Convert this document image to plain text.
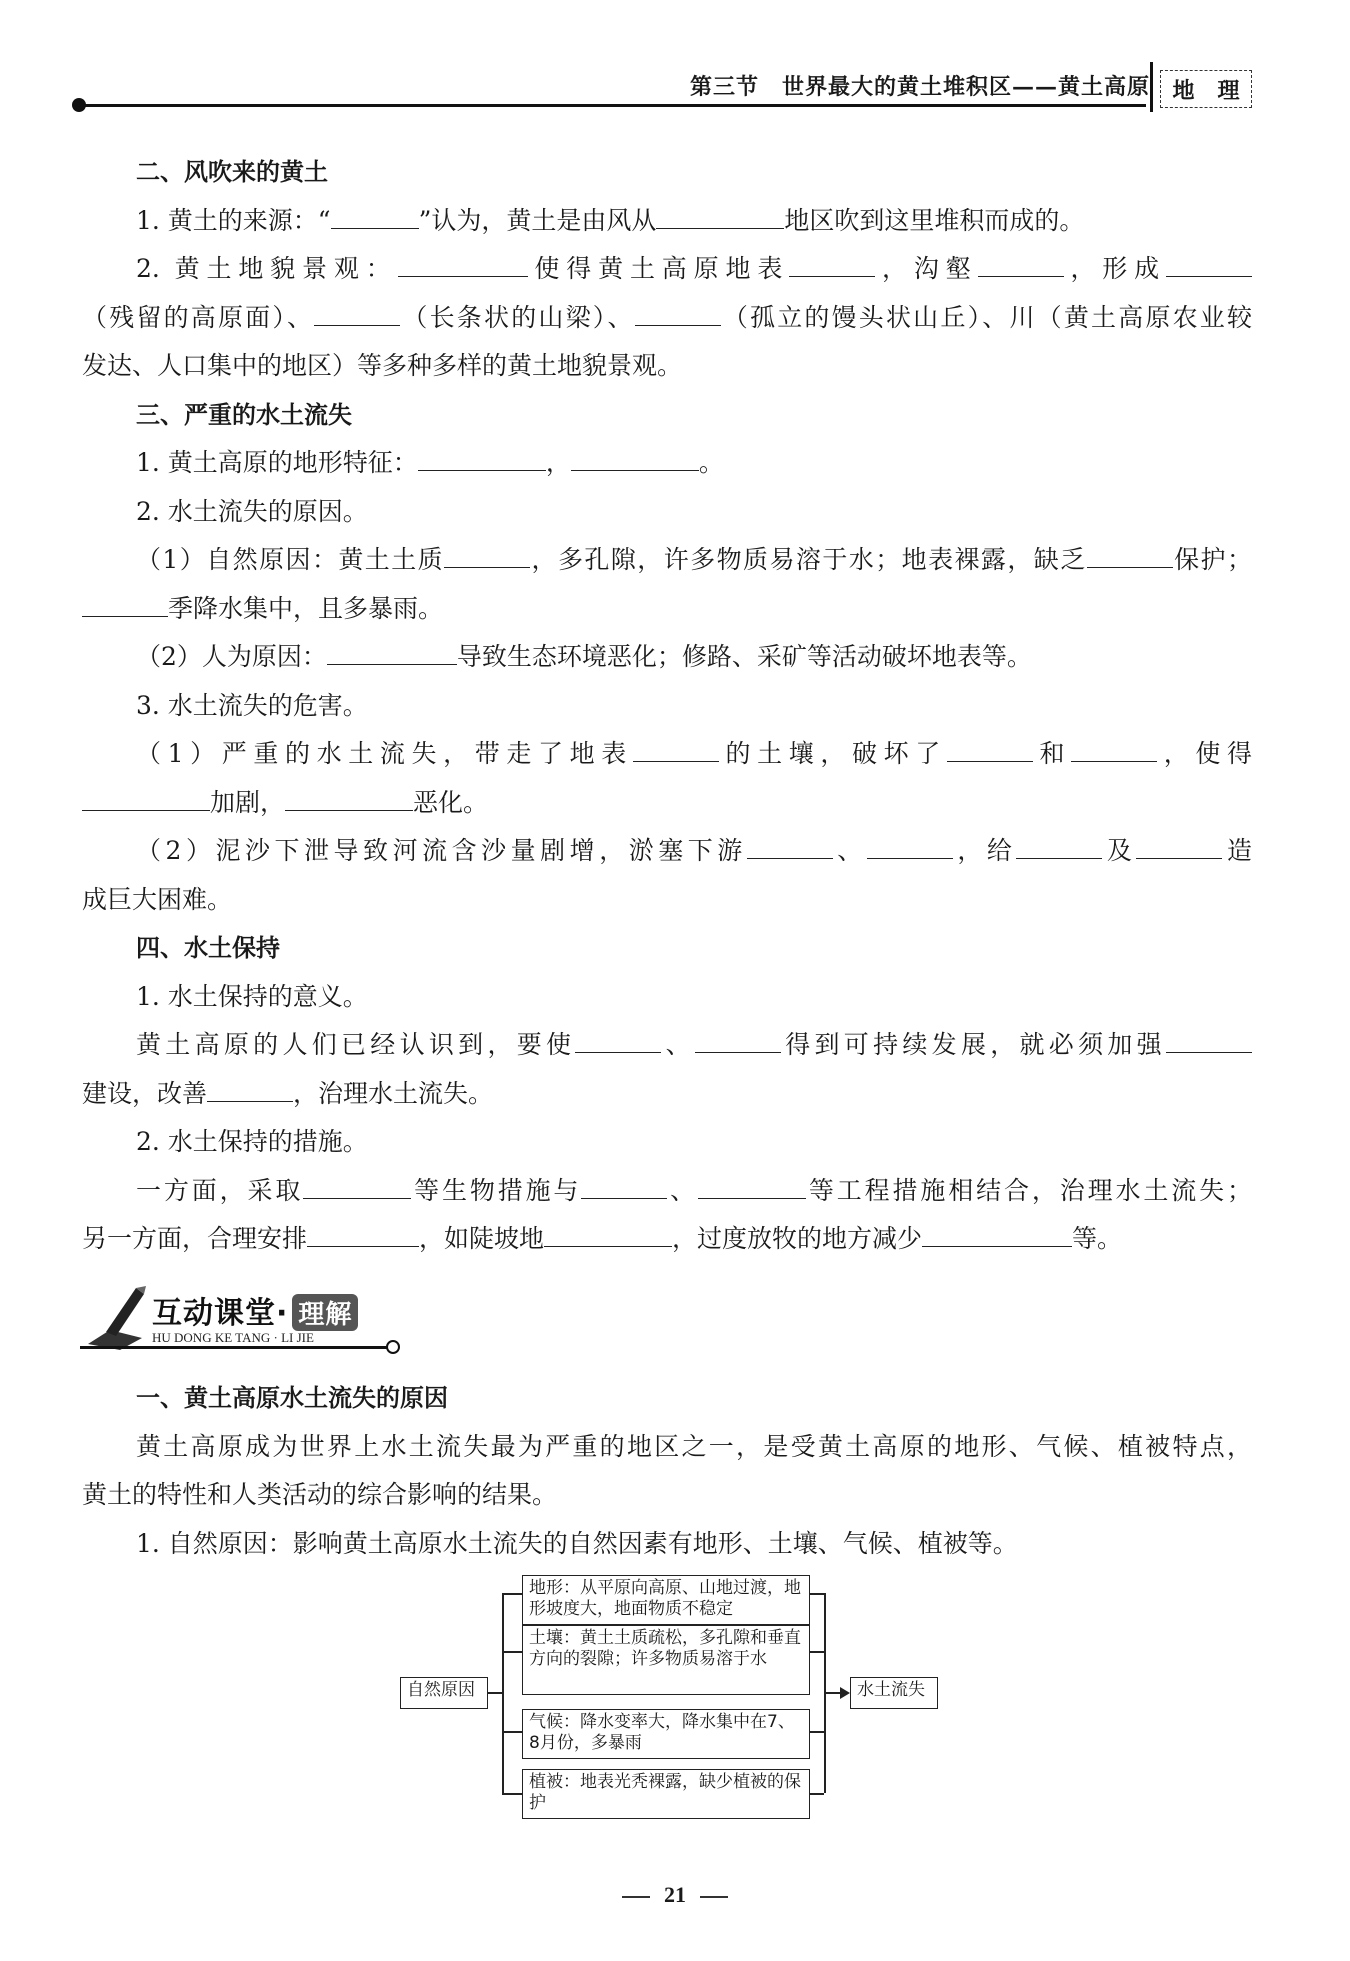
第三节　世界最大的黄土堆积区——黄土高原 地 理
二、风吹来的黄土
1. 黄土的来源：“	”认为，黄土是由风从	地区吹到这里堆积而成的。
2. 黄土地貌景观：	使得黄土高原地表	，沟壑	，形成
（残留的高原面）、	（长条状的山梁）、	（孤立的馒头状山丘）、川（黄土高原农业较
发达、人口集中的地区）等多种多样的黄土地貌景观。
三、严重的水土流失
1. 黄土高原的地形特征：	，	。
2. 水土流失的原因。
（1）自然原因：黄土土质	，多孔隙，许多物质易溶于水；地表裸露，缺乏	保护；
季降水集中，且多暴雨。
（2）人为原因：	导致生态环境恶化；修路、采矿等活动破坏地表等。
3. 水土流失的危害。
（1）严重的水土流失，带走了地表	的土壤，破坏了	和	，使得
加剧，	恶化。
（2）泥沙下泄导致河流含沙量剧增，淤塞下游	、	，给	及	造
成巨大困难。
四、水土保持
1. 水土保持的意义。
黄土高原的人们已经认识到，要使	、	得到可持续发展，就必须加强
建设，改善	，治理水土流失。
2. 水土保持的措施。
一方面，采取	等生物措施与	、	等工程措施相结合，治理水土流失；
另一方面，合理安排	，如陡坡地	，过度放牧的地方减少	等。
互动课堂· 理解
HU DONG KE TANG · LI JIE
一、黄土高原水土流失的原因
黄土高原成为世界上水土流失最为严重的地区之一，是受黄土高原的地形、气候、植被特点，
黄土的特性和人类活动的综合影响的结果。
1. 自然原因：影响黄土高原水土流失的自然因素有地形、土壤、气候、植被等。
自然原因
地形：从平原向高原、山地过渡，地形坡度大，地面物质不稳定
土壤：黄土土质疏松，多孔隙和垂直方向的裂隙；许多物质易溶于水
气候：降水变率大，降水集中在7、8月份，多暴雨
植被：地表光秃裸露，缺少植被的保护
水土流失
21
